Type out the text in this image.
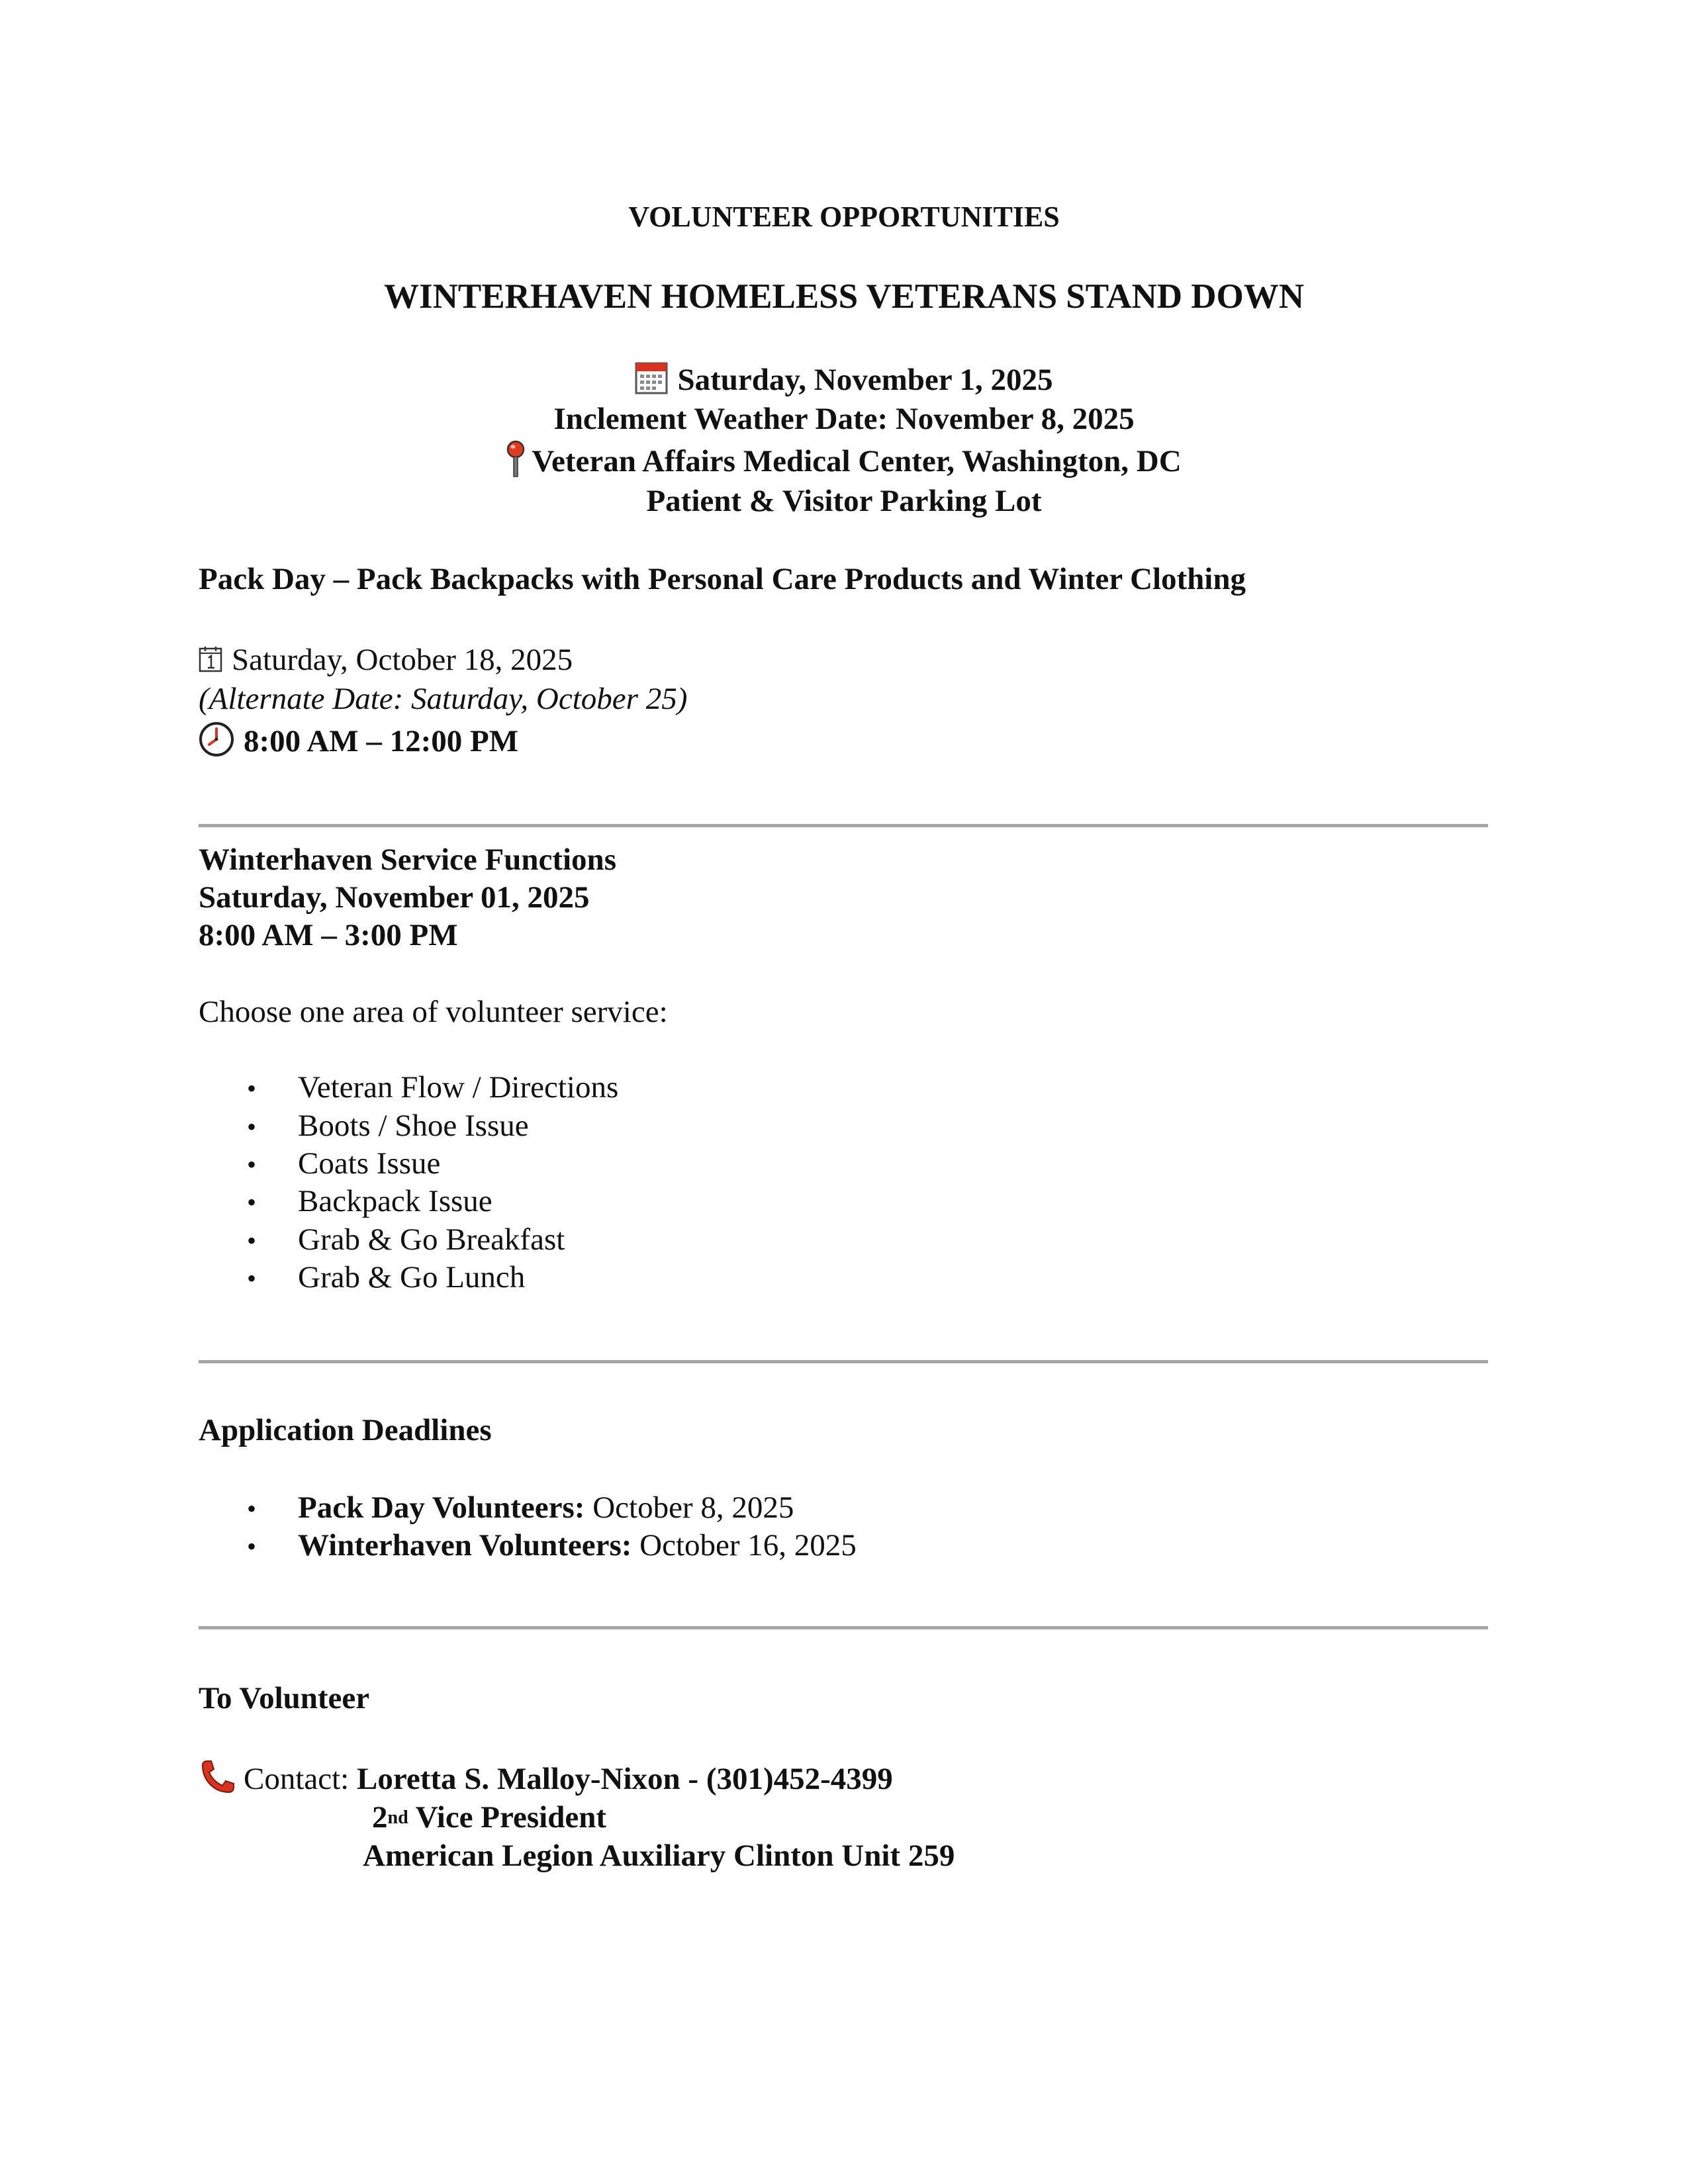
VOLUNTEER OPPORTUNITIES
WINTERHAVEN HOMELESS VETERANS STAND DOWN
Saturday, November 1, 2025
Inclement Weather Date: November 8, 2025
Veteran Affairs Medical Center, Washington, DC
Patient & Visitor Parking Lot
Pack Day – Pack Backpacks with Personal Care Products and Winter Clothing
Saturday, October 18, 2025
(Alternate Date: Saturday, October 25)
8:00 AM – 12:00 PM
Winterhaven Service Functions
Saturday, November 01, 2025
8:00 AM – 3:00 PM
Choose one area of volunteer service:
• Veteran Flow / Directions
• Boots / Shoe Issue
• Coats Issue
• Backpack Issue
• Grab & Go Breakfast
• Grab & Go Lunch
Application Deadlines
• Pack Day Volunteers: October 8, 2025
• Winterhaven Volunteers: October 16, 2025
To Volunteer
Contact: Loretta S. Malloy-Nixon - (301)452-4399
2nd Vice President
American Legion Auxiliary Clinton Unit 259
